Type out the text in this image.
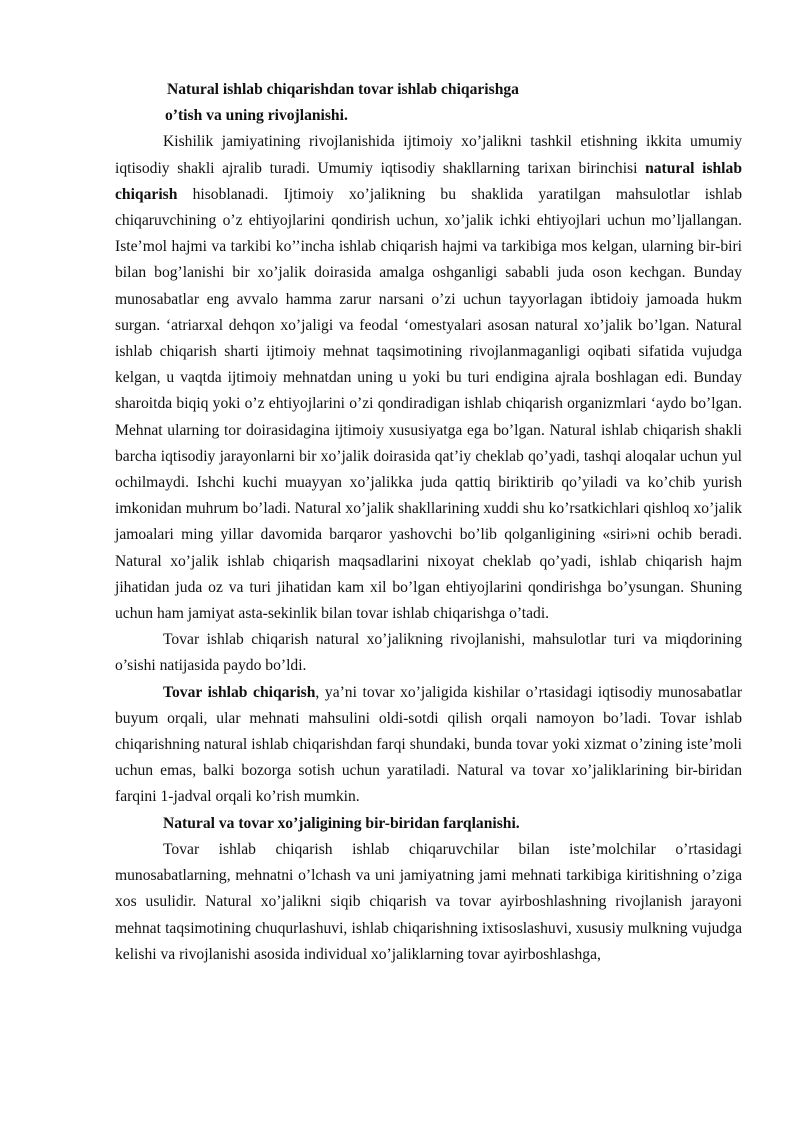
Natural ishlab chiqarishdan tovar ishlab chiqarishga
o’tish va uning rivojlanishi.

Kishilik jamiyatining rivojlanishida ijtimoiy xo’jalikni tashkil etishning ikkita umumiy iqtisodiy shakli ajralib turadi. Umumiy iqtisodiy shakllarning tarixan birinchisi natural ishlab chiqarish hisoblanadi. Ijtimoiy xo’jalikning bu shaklida yaratilgan mahsulotlar ishlab chiqaruvchining o’z ehtiyojlarini qondirish uchun, xo’jalik ichki ehtiyojlari uchun mo’ljallangan. Iste’mol hajmi va tarkibi ko’’incha ishlab chiqarish hajmi va tarkibiga mos kelgan, ularning bir-biri bilan bog’lanishi bir xo’jalik doirasida amalga oshganligi sababli juda oson kechgan. Bunday munosabatlar eng avvalo hamma zarur narsani o’zi uchun tayyorlagan ibtidoiy jamoada hukm surgan. ‘atriarxal dehqon xo’jaligi va feodal ‘omestyalari asosan natural xo’jalik bo’lgan. Natural ishlab chiqarish sharti ijtimoiy mehnat taqsimotining rivojlanmaganligi oqibati sifatida vujudga kelgan, u vaqtda ijtimoiy mehnatdan uning u yoki bu turi endigina ajrala boshlagan edi. Bunday sharoitda biqiq yoki o’z ehtiyojlarini o’zi qondiradigan ishlab chiqarish organizmlari ‘aydo bo’lgan. Mehnat ularning tor doirasidagina ijtimoiy xususiyatga ega bo’lgan. Natural ishlab chiqarish shakli barcha iqtisodiy jarayonlarni bir xo’jalik doirasida qat’iy cheklab qo’yadi, tashqi aloqalar uchun yul ochilmaydi. Ishchi kuchi muayyan xo’jalikka juda qattiq biriktirib qo’yiladi va ko’chib yurish imkonidan muhrum bo’ladi. Natural xo’jalik shakllarining xuddi shu ko’rsatkichlari qishloq xo’jalik jamoalari ming yillar davomida barqaror yashovchi bo’lib qolganligining «siri»ni ochib beradi. Natural xo’jalik ishlab chiqarish maqsadlarini nixoyat cheklab qo’yadi, ishlab chiqarish hajm jihatidan juda oz va turi jihatidan kam xil bo’lgan ehtiyojlarini qondirishga bo’ysungan. Shuning uchun ham jamiyat asta-sekinlik bilan tovar ishlab chiqarishga o’tadi.

Tovar ishlab chiqarish natural xo’jalikning rivojlanishi, mahsulotlar turi va miqdorining o’sishi natijasida paydo bo’ldi.

Tovar ishlab chiqarish, ya’ni tovar xo’jaligida kishilar o’rtasidagi iqtisodiy munosabatlar buyum orqali, ular mehnati mahsulini oldi-sotdi qilish orqali namoyon bo’ladi. Tovar ishlab chiqarishning natural ishlab chiqarishdan farqi shundaki, bunda tovar yoki xizmat o’zining iste’moli uchun emas, balki bozorga sotish uchun yaratiladi. Natural va tovar xo’jaliklarining bir-biridan farqini 1-jadval orqali ko’rish mumkin.

Natural va tovar xo’jaligining bir-biridan farqlanishi.

Tovar ishlab chiqarish ishlab chiqaruvchilar bilan iste’molchilar o’rtasidagi munosabatlarning, mehnatni o’lchash va uni jamiyatning jami mehnati tarkibiga kiritishning o’ziga xos usulidir. Natural xo’jalikni siqib chiqarish va tovar ayirboshlashning rivojlanish jarayoni mehnat taqsimotining chuqurlashuvi, ishlab chiqarishning ixtisoslashuvi, xususiy mulkning vujudga kelishi va rivojlanishi asosida individual xo’jaliklarning tovar ayirboshlashga,
